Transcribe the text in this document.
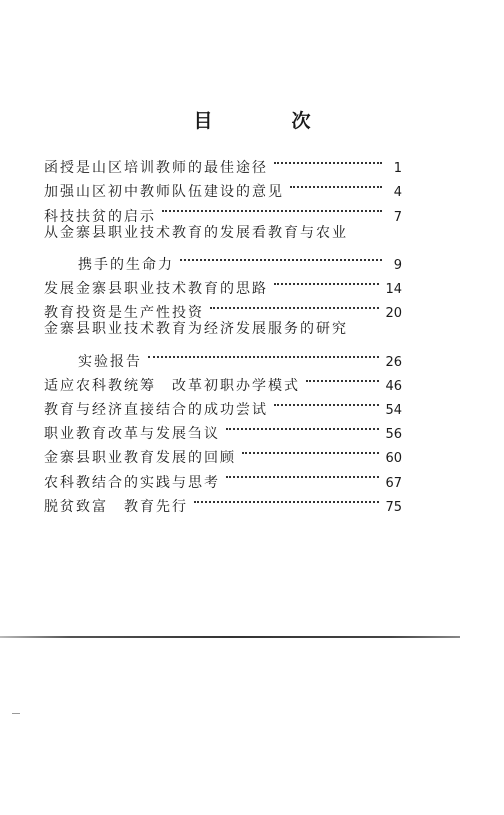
目　次
函授是山区培训教师的最佳途径	1
加强山区初中教师队伍建设的意见	4
科技扶贫的启示	7
从金寨县职业技术教育的发展看教育与农业
携手的生命力	9
发展金寨县职业技术教育的思路	14
教育投资是生产性投资	20
金寨县职业技术教育为经济发展服务的研究
实验报告	26
适应农科教统筹　改革初职办学模式	46
教育与经济直接结合的成功尝试	54
职业教育改革与发展刍议	56
金寨县职业教育发展的回顾	60
农科教结合的实践与思考	67
脱贫致富　教育先行	75
